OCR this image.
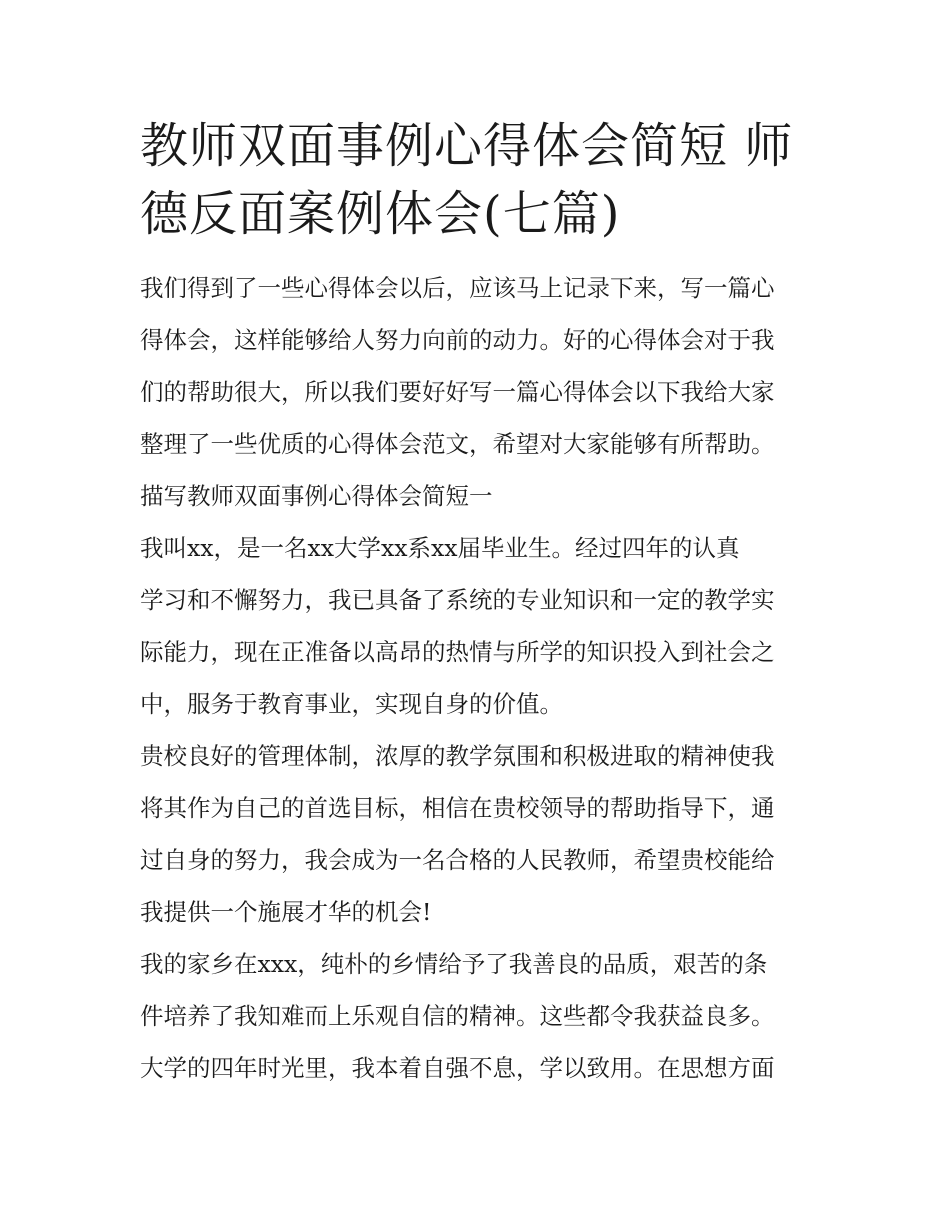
教师双面事例心得体会简短 师
德反面案例体会(七篇)

我们得到了一些心得体会以后，应该马上记录下来，写一篇心

得体会，这样能够给人努力向前的动力。好的心得体会对于我

们的帮助很大，所以我们要好好写一篇心得体会以下我给大家

整理了一些优质的心得体会范文，希望对大家能够有所帮助。

描写教师双面事例心得体会简短一

我叫xx，是一名xx大学xx系xx届毕业生。经过四年的认真

学习和不懈努力，我已具备了系统的专业知识和一定的教学实

际能力，现在正准备以高昂的热情与所学的知识投入到社会之

中，服务于教育事业，实现自身的价值。

贵校良好的管理体制，浓厚的教学氛围和积极进取的精神使我

将其作为自己的首选目标，相信在贵校领导的帮助指导下，通

过自身的努力，我会成为一名合格的人民教师，希望贵校能给

我提供一个施展才华的机会!

我的家乡在xxx，纯朴的乡情给予了我善良的品质，艰苦的条

件培养了我知难而上乐观自信的精神。这些都令我获益良多。

大学的四年时光里，我本着自强不息，学以致用。在思想方面
